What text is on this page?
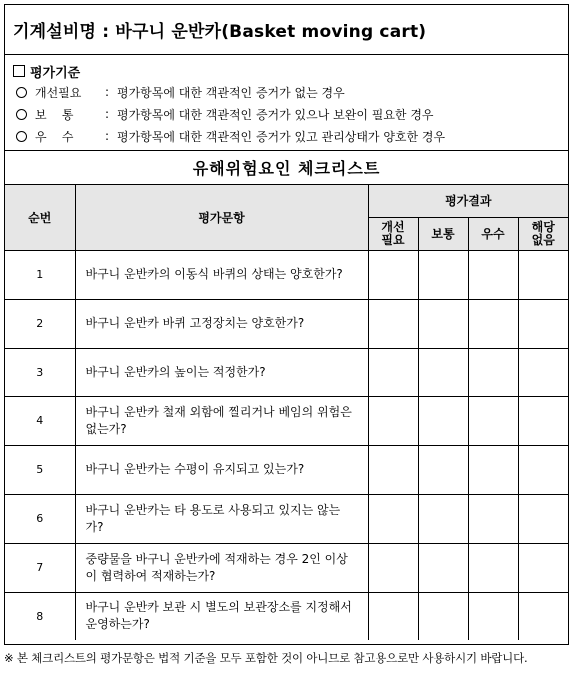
기계설비명 : 바구니 운반카(Basket moving cart)
평가기준
개선필요	: 평가항목에 대한 객관적인 증거가 없는 경우
보    통	: 평가항목에 대한 객관적인 증거가 있으나 보완이 필요한 경우
우    수	: 평가항목에 대한 객관적인 증거가 있고 관리상태가 양호한 경우
유해위험요인 체크리스트
순번	평가문항	평가결과			
		개선필요	보통	우수	해당없음
1	바구니 운반카의 이동식 바퀴의 상태는 양호한가?				
2	바구니 운반카 바퀴 고정장치는 양호한가?				
3	바구니 운반카의 높이는 적정한가?				
4	바구니 운반카 철재 외함에 찔리거나 베임의 위험은 없는가?				
5	바구니 운반카는 수평이 유지되고 있는가?				
6	바구니 운반카는 타 용도로 사용되고 있지는 않는가?				
7	중량물을 바구니 운반카에 적재하는 경우 2인 이상이 협력하여 적재하는가?				
8	바구니 운반카 보관 시 별도의 보관장소를 지정해서 운영하는가?				
※ 본 체크리스트의 평가문항은 법적 기준을 모두 포함한 것이 아니므로 참고용으로만 사용하시기 바랍니다.
